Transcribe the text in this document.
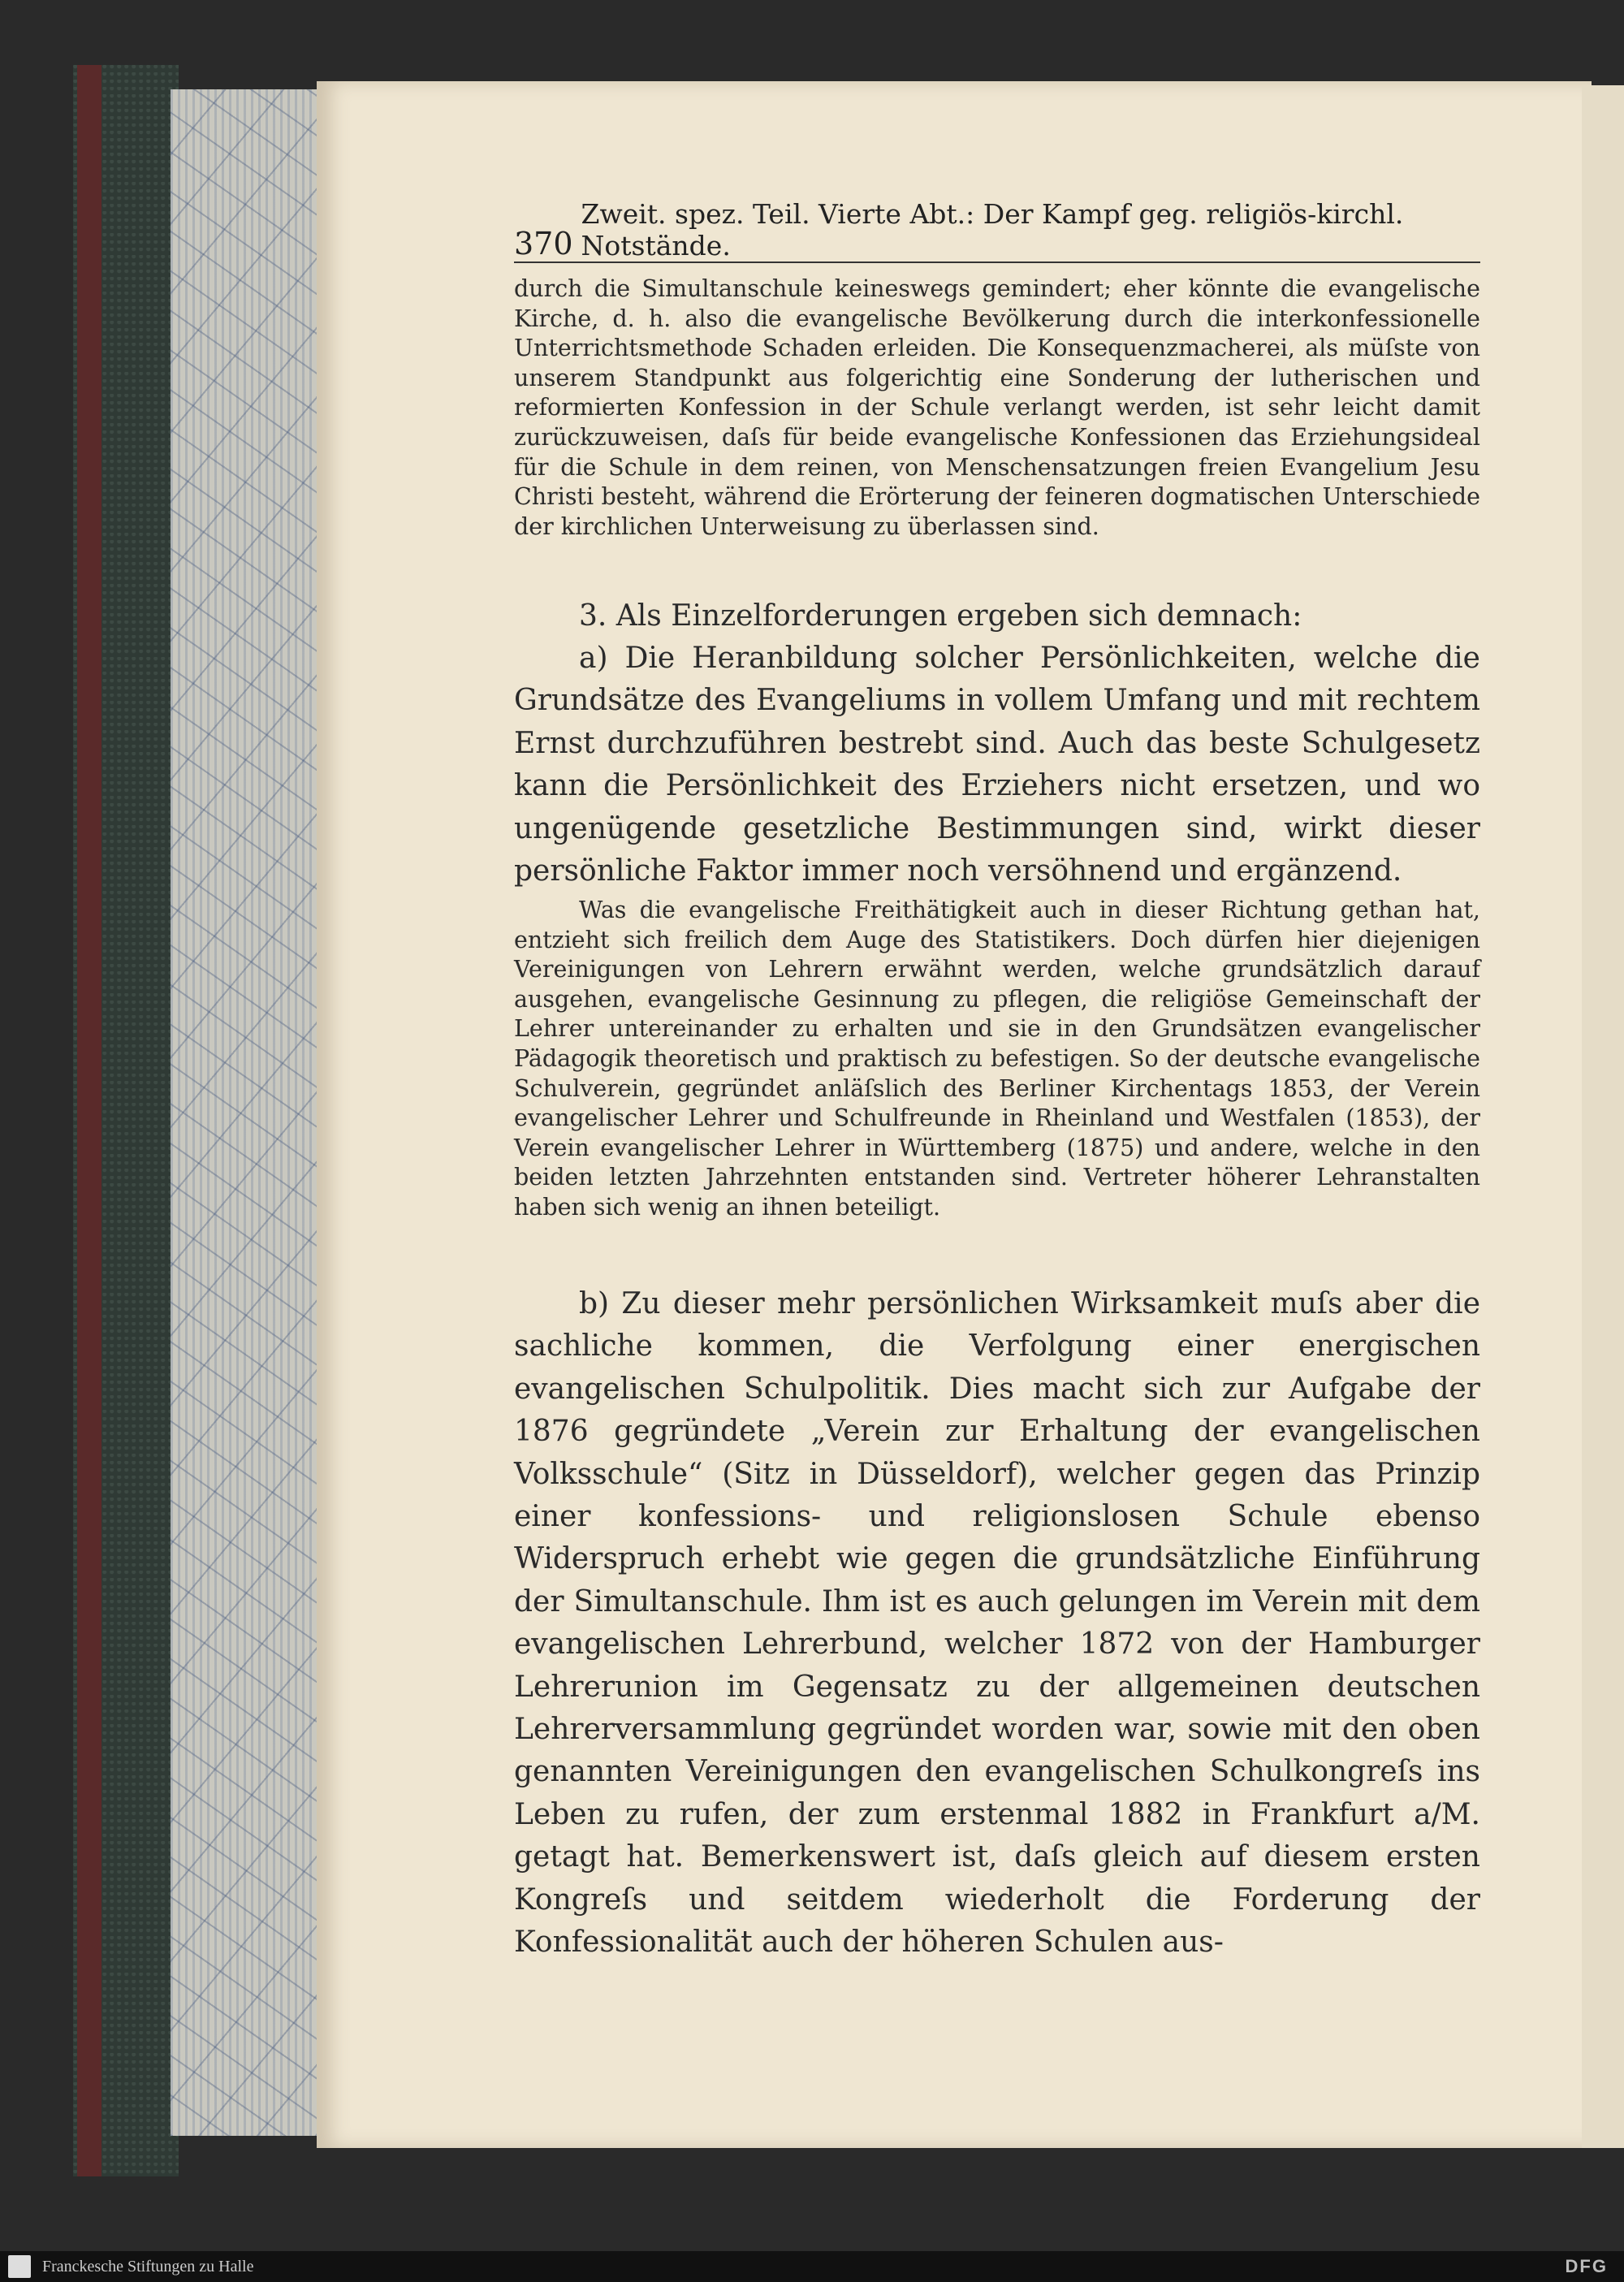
370
Zweit. spez. Teil. Vierte Abt.: Der Kampf geg. religiös-kirchl. Notstände.

durch die Simultanschule keineswegs gemindert; eher könnte die evangelische Kirche, d. h. also die evangelische Bevölkerung durch die interkonfessionelle Unterrichtsmethode Schaden erleiden. Die Konsequenzmacherei, als müſste von unserem Standpunkt aus folgerichtig eine Sonderung der lutherischen und reformierten Konfession in der Schule verlangt werden, ist sehr leicht damit zurückzuweisen, daſs für beide evangelische Konfessionen das Erziehungsideal für die Schule in dem reinen, von Menschensatzungen freien Evangelium Jesu Christi besteht, während die Erörterung der feineren dogmatischen Unterschiede der kirchlichen Unterweisung zu überlassen sind.

3. Als Einzelforderungen ergeben sich demnach:

a) Die Heranbildung solcher Persönlichkeiten, welche die Grundsätze des Evangeliums in vollem Umfang und mit rechtem Ernst durchzuführen bestrebt sind. Auch das beste Schulgesetz kann die Persönlichkeit des Erziehers nicht ersetzen, und wo ungenügende gesetzliche Bestimmungen sind, wirkt dieser persönliche Faktor immer noch versöhnend und ergänzend.

Was die evangelische Freithätigkeit auch in dieser Richtung gethan hat, entzieht sich freilich dem Auge des Statistikers. Doch dürfen hier diejenigen Vereinigungen von Lehrern erwähnt werden, welche grundsätzlich darauf ausgehen, evangelische Gesinnung zu pflegen, die religiöse Gemeinschaft der Lehrer untereinander zu erhalten und sie in den Grundsätzen evangelischer Pädagogik theoretisch und praktisch zu befestigen. So der deutsche evangelische Schulverein, gegründet anläſslich des Berliner Kirchentags 1853, der Verein evangelischer Lehrer und Schulfreunde in Rheinland und Westfalen (1853), der Verein evangelischer Lehrer in Württemberg (1875) und andere, welche in den beiden letzten Jahrzehnten entstanden sind. Vertreter höherer Lehranstalten haben sich wenig an ihnen beteiligt.

b) Zu dieser mehr persönlichen Wirksamkeit muſs aber die sachliche kommen, die Verfolgung einer energischen evangelischen Schulpolitik. Dies macht sich zur Aufgabe der 1876 gegründete „Verein zur Erhaltung der evangelischen Volksschule“ (Sitz in Düsseldorf), welcher gegen das Prinzip einer konfessions- und religionslosen Schule ebenso Widerspruch erhebt wie gegen die grundsätzliche Einführung der Simultanschule. Ihm ist es auch gelungen im Verein mit dem evangelischen Lehrerbund, welcher 1872 von der Hamburger Lehrerunion im Gegensatz zu der allgemeinen deutschen Lehrerversammlung gegründet worden war, sowie mit den oben genannten Vereinigungen den evangelischen Schulkongreſs ins Leben zu rufen, der zum erstenmal 1882 in Frankfurt a/M. getagt hat. Bemerkenswert ist, daſs gleich auf diesem ersten Kongreſs und seitdem wiederholt die Forderung der Konfessionalität auch der höheren Schulen aus-

Franckesche Stiftungen zu Halle	DFG
